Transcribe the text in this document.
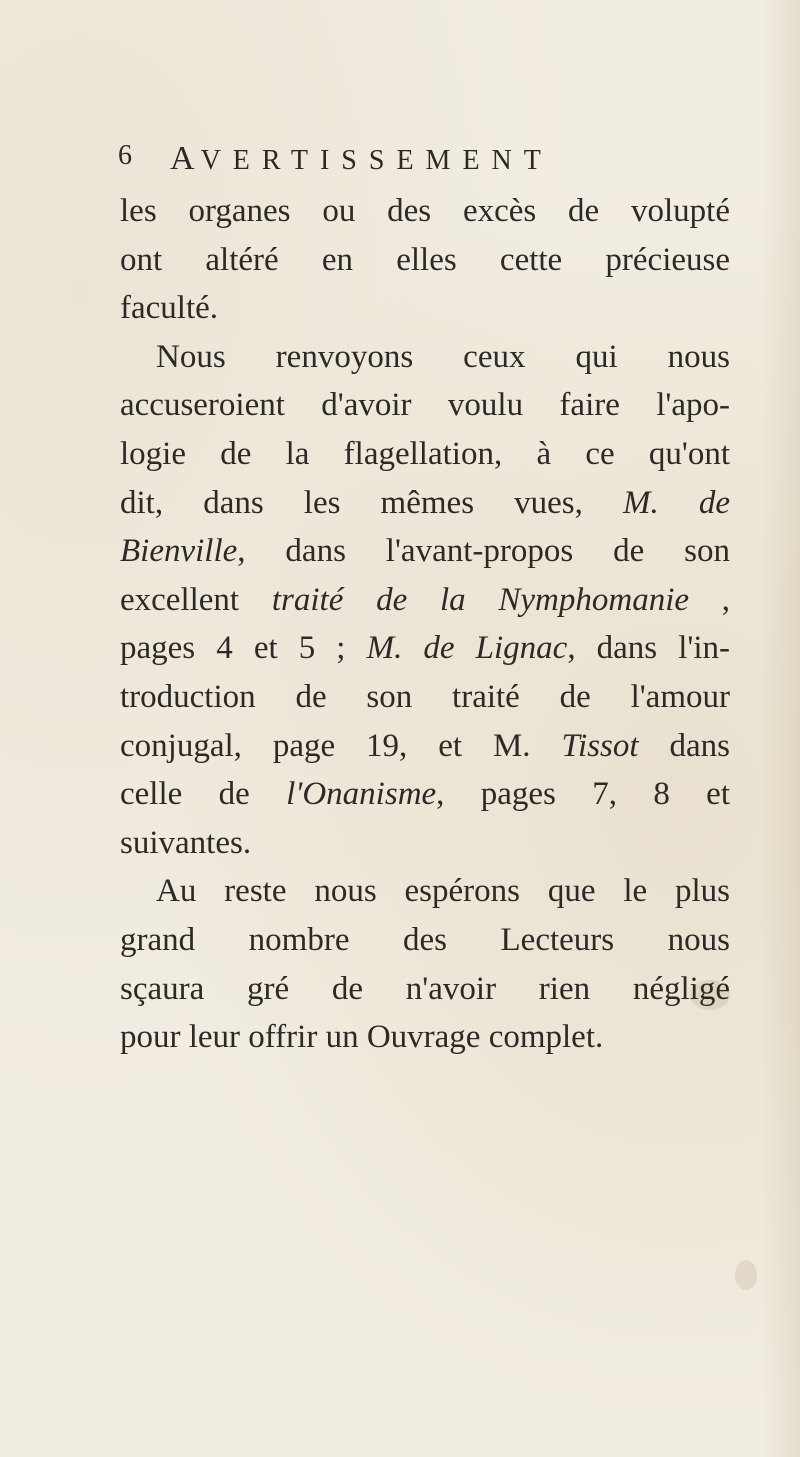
6 AVERTISSEMENT
les organes ou des excès de volupté
ont altéré en elles cette précieuse
faculté.
Nous renvoyons ceux qui nous
accuseroient d'avoir voulu faire l'apo-
logie de la flagellation, à ce qu'ont
dit, dans les mêmes vues, M. de
Bienville, dans l'avant-propos de son
excellent traité de la Nymphomanie ,
pages 4 et 5 ; M. de Lignac, dans l'in-
troduction de son traité de l'amour
conjugal, page 19, et M. Tissot dans
celle de l'Onanisme, pages 7, 8 et
suivantes.
Au reste nous espérons que le plus
grand nombre des Lecteurs nous
sçaura gré de n'avoir rien négligé
pour leur offrir un Ouvrage complet.
